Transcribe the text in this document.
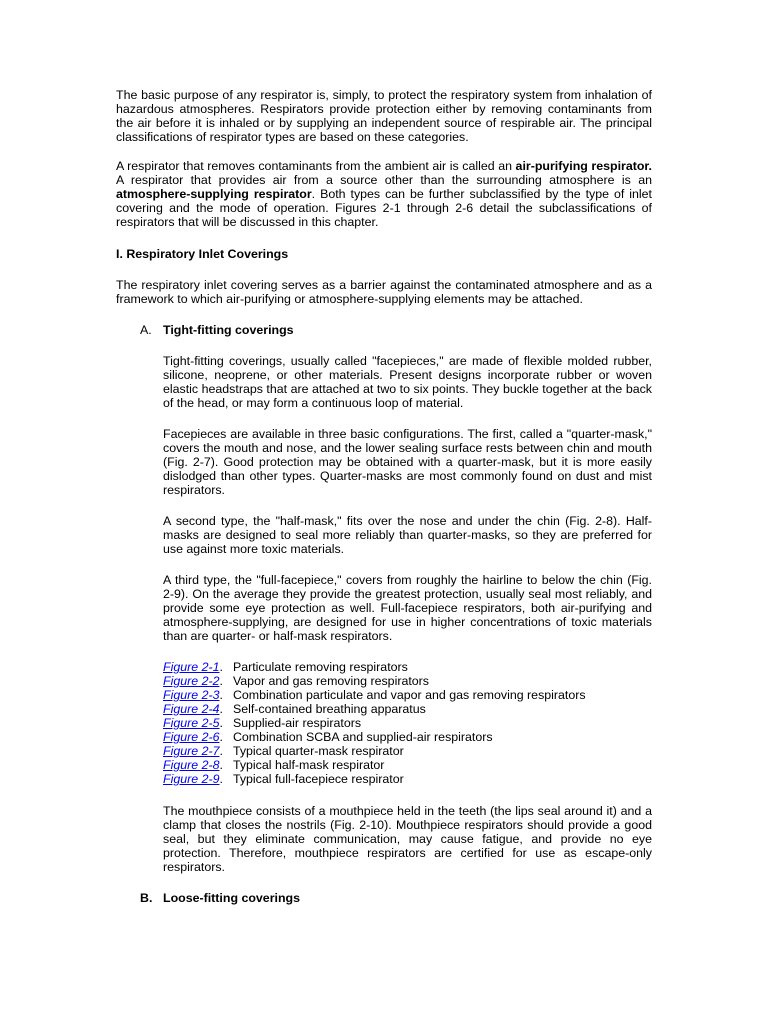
The basic purpose of any respirator is, simply, to protect the respiratory system from inhalation of hazardous atmospheres. Respirators provide protection either by removing contaminants from the air before it is inhaled or by supplying an independent source of respirable air. The principal classifications of respirator types are based on these categories.

A respirator that removes contaminants from the ambient air is called an air-purifying respirator. A respirator that provides air from a source other than the surrounding atmosphere is an atmosphere-supplying respirator. Both types can be further subclassified by the type of inlet covering and the mode of operation. Figures 2-1 through 2-6 detail the subclassifications of respirators that will be discussed in this chapter.

I. Respiratory Inlet Coverings

The respiratory inlet covering serves as a barrier against the contaminated atmosphere and as a framework to which air-purifying or atmosphere-supplying elements may be attached.

A. Tight-fitting coverings

Tight-fitting coverings, usually called "facepieces," are made of flexible molded rubber, silicone, neoprene, or other materials. Present designs incorporate rubber or woven elastic headstraps that are attached at two to six points. They buckle together at the back of the head, or may form a continuous loop of material.

Facepieces are available in three basic configurations. The first, called a "quarter-mask," covers the mouth and nose, and the lower sealing surface rests between chin and mouth (Fig. 2-7). Good protection may be obtained with a quarter-mask, but it is more easily dislodged than other types. Quarter-masks are most commonly found on dust and mist respirators.

A second type, the "half-mask," fits over the nose and under the chin (Fig. 2-8). Half-masks are designed to seal more reliably than quarter-masks, so they are preferred for use against more toxic materials.

A third type, the "full-facepiece," covers from roughly the hairline to below the chin (Fig. 2-9). On the average they provide the greatest protection, usually seal most reliably, and provide some eye protection as well. Full-facepiece respirators, both air-purifying and atmosphere-supplying, are designed for use in higher concentrations of toxic materials than are quarter- or half-mask respirators.

Figure 2-1. Particulate removing respirators
Figure 2-2. Vapor and gas removing respirators
Figure 2-3. Combination particulate and vapor and gas removing respirators
Figure 2-4. Self-contained breathing apparatus
Figure 2-5. Supplied-air respirators
Figure 2-6. Combination SCBA and supplied-air respirators
Figure 2-7. Typical quarter-mask respirator
Figure 2-8. Typical half-mask respirator
Figure 2-9. Typical full-facepiece respirator

The mouthpiece consists of a mouthpiece held in the teeth (the lips seal around it) and a clamp that closes the nostrils (Fig. 2-10). Mouthpiece respirators should provide a good seal, but they eliminate communication, may cause fatigue, and provide no eye protection. Therefore, mouthpiece respirators are certified for use as escape-only respirators.

B. Loose-fitting coverings
